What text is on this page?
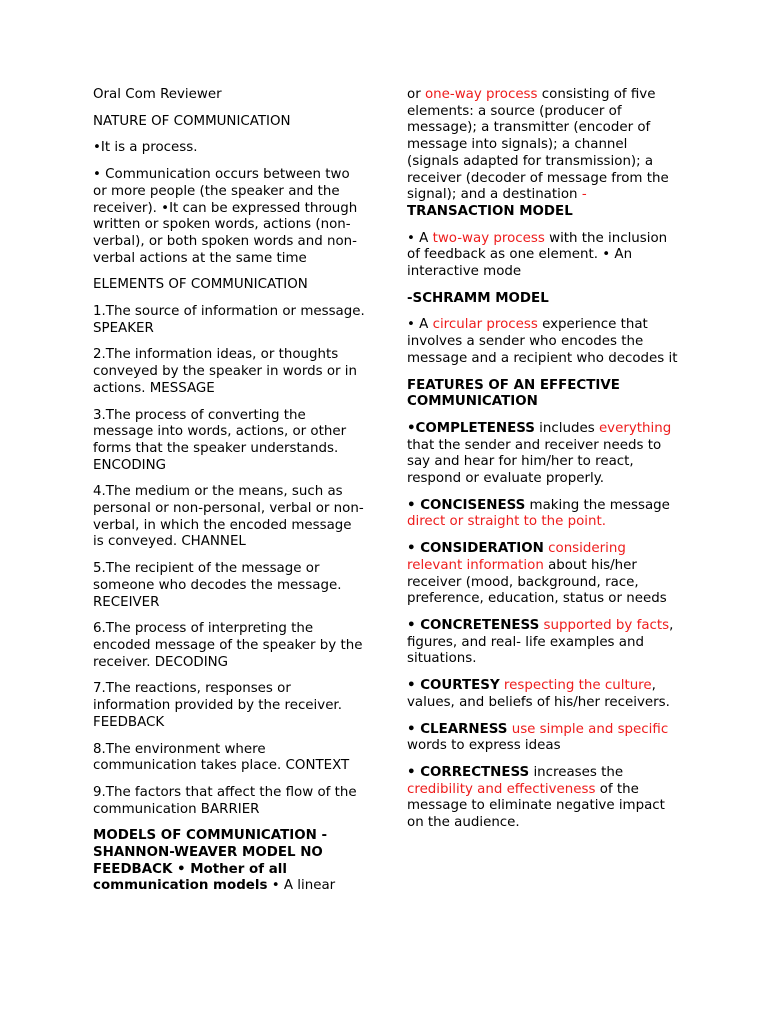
Oral Com Reviewer

NATURE OF COMMUNICATION

•It is a process.

• Communication occurs between two or more people (the speaker and the receiver). •It can be expressed through written or spoken words, actions (non-verbal), or both spoken words and non-verbal actions at the same time

ELEMENTS OF COMMUNICATION

1.The source of information or message. SPEAKER

2.The information ideas, or thoughts conveyed by the speaker in words or in actions. MESSAGE

3.The process of converting the message into words, actions, or other forms that the speaker understands. ENCODING

4.The medium or the means, such as personal or non-personal, verbal or non-verbal, in which the encoded message is conveyed. CHANNEL

5.The recipient of the message or someone who decodes the message. RECEIVER

6.The process of interpreting the encoded message of the speaker by the receiver. DECODING

7.The reactions, responses or information provided by the receiver. FEEDBACK

8.The environment where communication takes place. CONTEXT

9.The factors that affect the flow of the communication BARRIER

MODELS OF COMMUNICATION - SHANNON-WEAVER MODEL NO FEEDBACK • Mother of all communication models • A linear

or one-way process consisting of five elements: a source (producer of message); a transmitter (encoder of message into signals); a channel (signals adapted for transmission); a receiver (decoder of message from the signal); and a destination -
TRANSACTION MODEL

• A two-way process with the inclusion of feedback as one element. • An interactive mode

-SCHRAMM MODEL

• A circular process experience that involves a sender who encodes the message and a recipient who decodes it

FEATURES OF AN EFFECTIVE COMMUNICATION

•COMPLETENESS includes everything that the sender and receiver needs to say and hear for him/her to react, respond or evaluate properly.

• CONCISENESS making the message direct or straight to the point.

• CONSIDERATION considering relevant information about his/her receiver (mood, background, race, preference, education, status or needs

• CONCRETENESS supported by facts, figures, and real- life examples and situations.

• COURTESY respecting the culture, values, and beliefs of his/her receivers.

• CLEARNESS use simple and specific words to express ideas

• CORRECTNESS increases the credibility and effectiveness of the message to eliminate negative impact on the audience.
